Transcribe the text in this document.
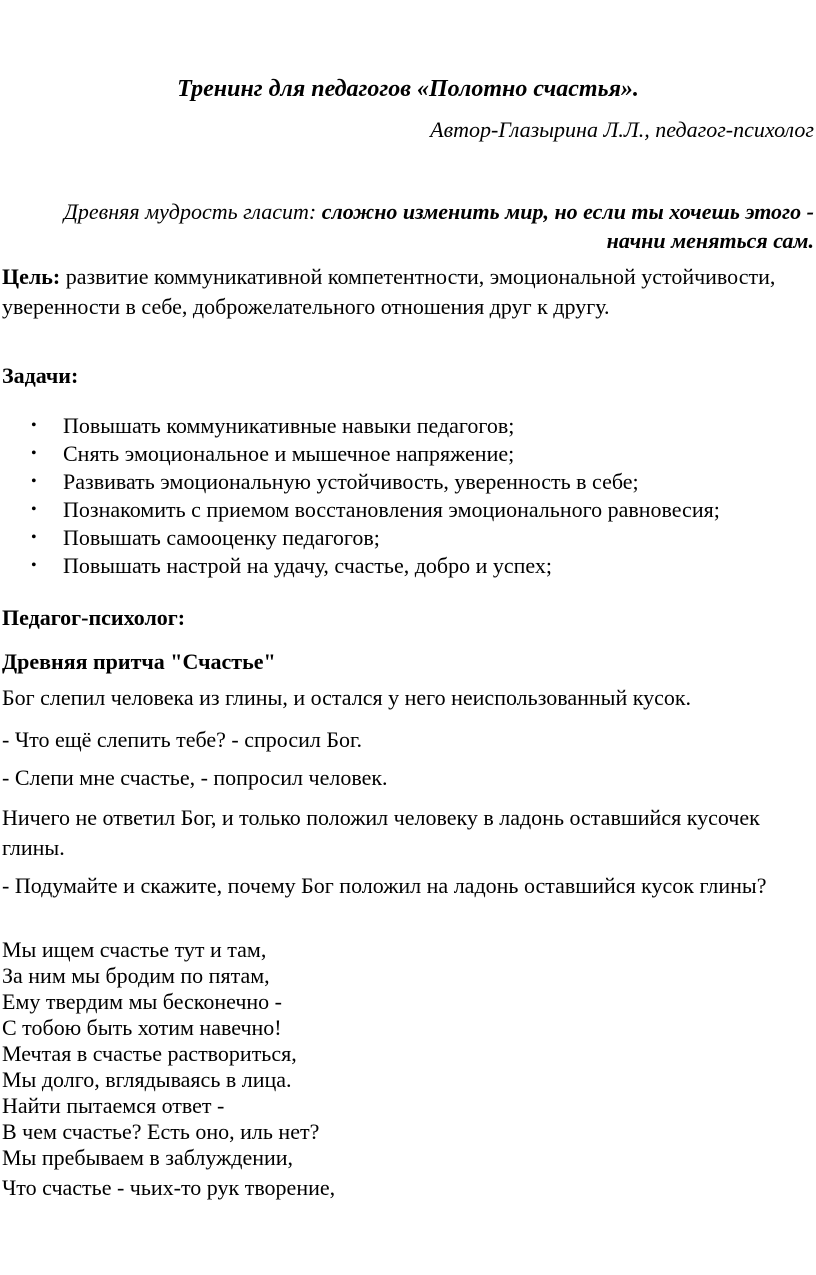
Тренинг для педагогов «Полотно счастья».
Автор-Глазырина Л.Л., педагог-психолог
Древняя мудрость гласит: сложно изменить мир, но если ты хочешь этого - начни меняться сам.
Цель: развитие коммуникативной компетентности, эмоциональной устойчивости, уверенности в себе, доброжелательного отношения друг к другу.
Задачи:
• Повышать коммуникативные навыки педагогов;
• Снять эмоциональное и мышечное напряжение;
• Развивать эмоциональную устойчивость, уверенность в себе;
• Познакомить с приемом восстановления эмоционального равновесия;
• Повышать самооценку педагогов;
• Повышать настрой на удачу, счастье, добро и успех;
Педагог-психолог:
Древняя притча "Счастье"
Бог слепил человека из глины, и остался у него неиспользованный кусок.
- Что ещё слепить тебе? - спросил Бог.
- Слепи мне счастье, - попросил человек.
Ничего не ответил Бог, и только положил человеку в ладонь оставшийся кусочек глины.
- Подумайте и скажите, почему Бог положил на ладонь оставшийся кусок глины?
Мы ищем счастье тут и там,
За ним мы бродим по пятам,
Ему твердим мы бесконечно -
С тобою быть хотим навечно!
Мечтая в счастье раствориться,
Мы долго, вглядываясь в лица.
Найти пытаемся ответ -
В чем счастье? Есть оно, иль нет?
Мы пребываем в заблуждении,
Что счастье - чьих-то рук творение,
